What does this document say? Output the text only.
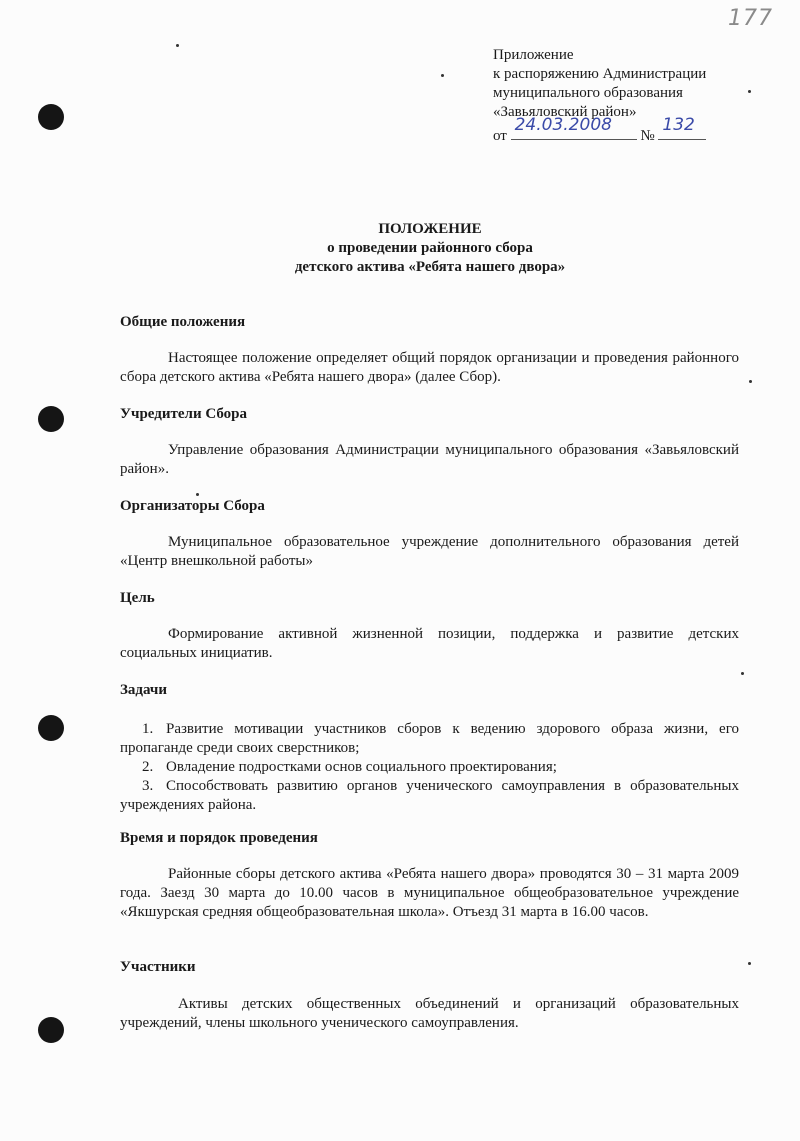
177
Приложение
к распоряжению Администрации
муниципального образования
«Завьяловский район»
от
24.03.2008
№
132
ПОЛОЖЕНИЕ
о проведении районного сбора
детского актива «Ребята нашего двора»
Общие положения
Настоящее положение определяет общий порядок организации и проведения районного сбора детского актива «Ребята нашего двора» (далее Сбор).
Учредители Сбора
Управление образования Администрации муниципального образования «Завьяловский район».
Организаторы Сбора
Муниципальное образовательное учреждение дополнительного образования детей «Центр внешкольной работы»
Цель
Формирование активной жизненной позиции, поддержка и развитие детских социальных инициатив.
Задачи
1. Развитие мотивации участников сборов к ведению здорового образа жизни, его пропаганде среди своих сверстников;
2. Овладение подростками основ социального проектирования;
3. Способствовать развитию органов ученического самоуправления в образовательных учреждениях района.
Время и порядок проведения
Районные сборы детского актива «Ребята нашего двора» проводятся 30 – 31 марта 2009 года. Заезд 30 марта до 10.00 часов в муниципальное общеобразовательное учреждение «Якшурская средняя общеобразовательная школа». Отъезд 31 марта в 16.00 часов.
Участники
Активы детских общественных объединений и организаций образовательных учреждений, члены школьного ученического самоуправления.
